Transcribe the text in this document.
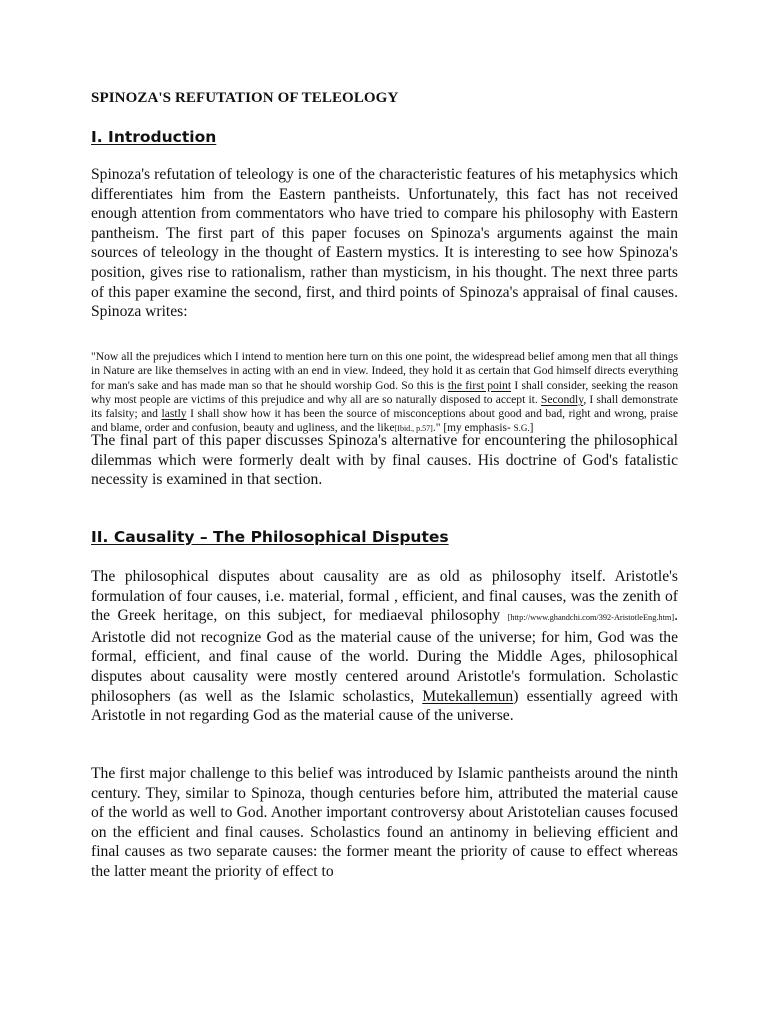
SPINOZA'S REFUTATION OF TELEOLOGY
I. Introduction

Spinoza's refutation of teleology is one of the characteristic features of his metaphysics which differentiates him from the Eastern pantheists. Unfortunately, this fact has not received enough attention from commentators who have tried to compare his philosophy with Eastern pantheism. The first part of this paper focuses on Spinoza's arguments against the main sources of teleology in the thought of Eastern mystics. It is interesting to see how Spinoza's position, gives rise to rationalism, rather than mysticism, in his thought. The next three parts of this paper examine the second, first, and third points of Spinoza's appraisal of final causes. Spinoza writes:

"Now all the prejudices which I intend to mention here turn on this one point, the widespread belief among men that all things in Nature are like themselves in acting with an end in view. Indeed, they hold it as certain that God himself directs everything for man's sake and has made man so that he should worship God. So this is the first point I shall consider, seeking the reason why most people are victims of this prejudice and why all are so naturally disposed to accept it. Secondly, I shall demonstrate its falsity; and lastly I shall show how it has been the source of misconceptions about good and bad, right and wrong, praise and blame, order and confusion, beauty and ugliness, and the like[Ibid., p.57]." [my emphasis- S.G.]

The final part of this paper discusses Spinoza's alternative for encountering the philosophical dilemmas which were formerly dealt with by final causes. His doctrine of God's fatalistic necessity is examined in that section.

II. Causality – The Philosophical Disputes

The philosophical disputes about causality are as old as philosophy itself. Aristotle's formulation of four causes, i.e. material, formal , efficient, and final causes, was the zenith of the Greek heritage, on this subject, for mediaeval philosophy [http://www.ghandchi.com/392-AristotleEng.htm]. Aristotle did not recognize God as the material cause of the universe; for him, God was the formal, efficient, and final cause of the world. During the Middle Ages, philosophical disputes about causality were mostly centered around Aristotle's formulation. Scholastic philosophers (as well as the Islamic scholastics, Mutekallemun) essentially agreed with Aristotle in not regarding God as the material cause of the universe.

The first major challenge to this belief was introduced by Islamic pantheists around the ninth century. They, similar to Spinoza, though centuries before him, attributed the material cause of the world as well to God. Another important controversy about Aristotelian causes focused on the efficient and final causes. Scholastics found an antinomy in believing efficient and final causes as two separate causes: the former meant the priority of cause to effect whereas the latter meant the priority of effect to
